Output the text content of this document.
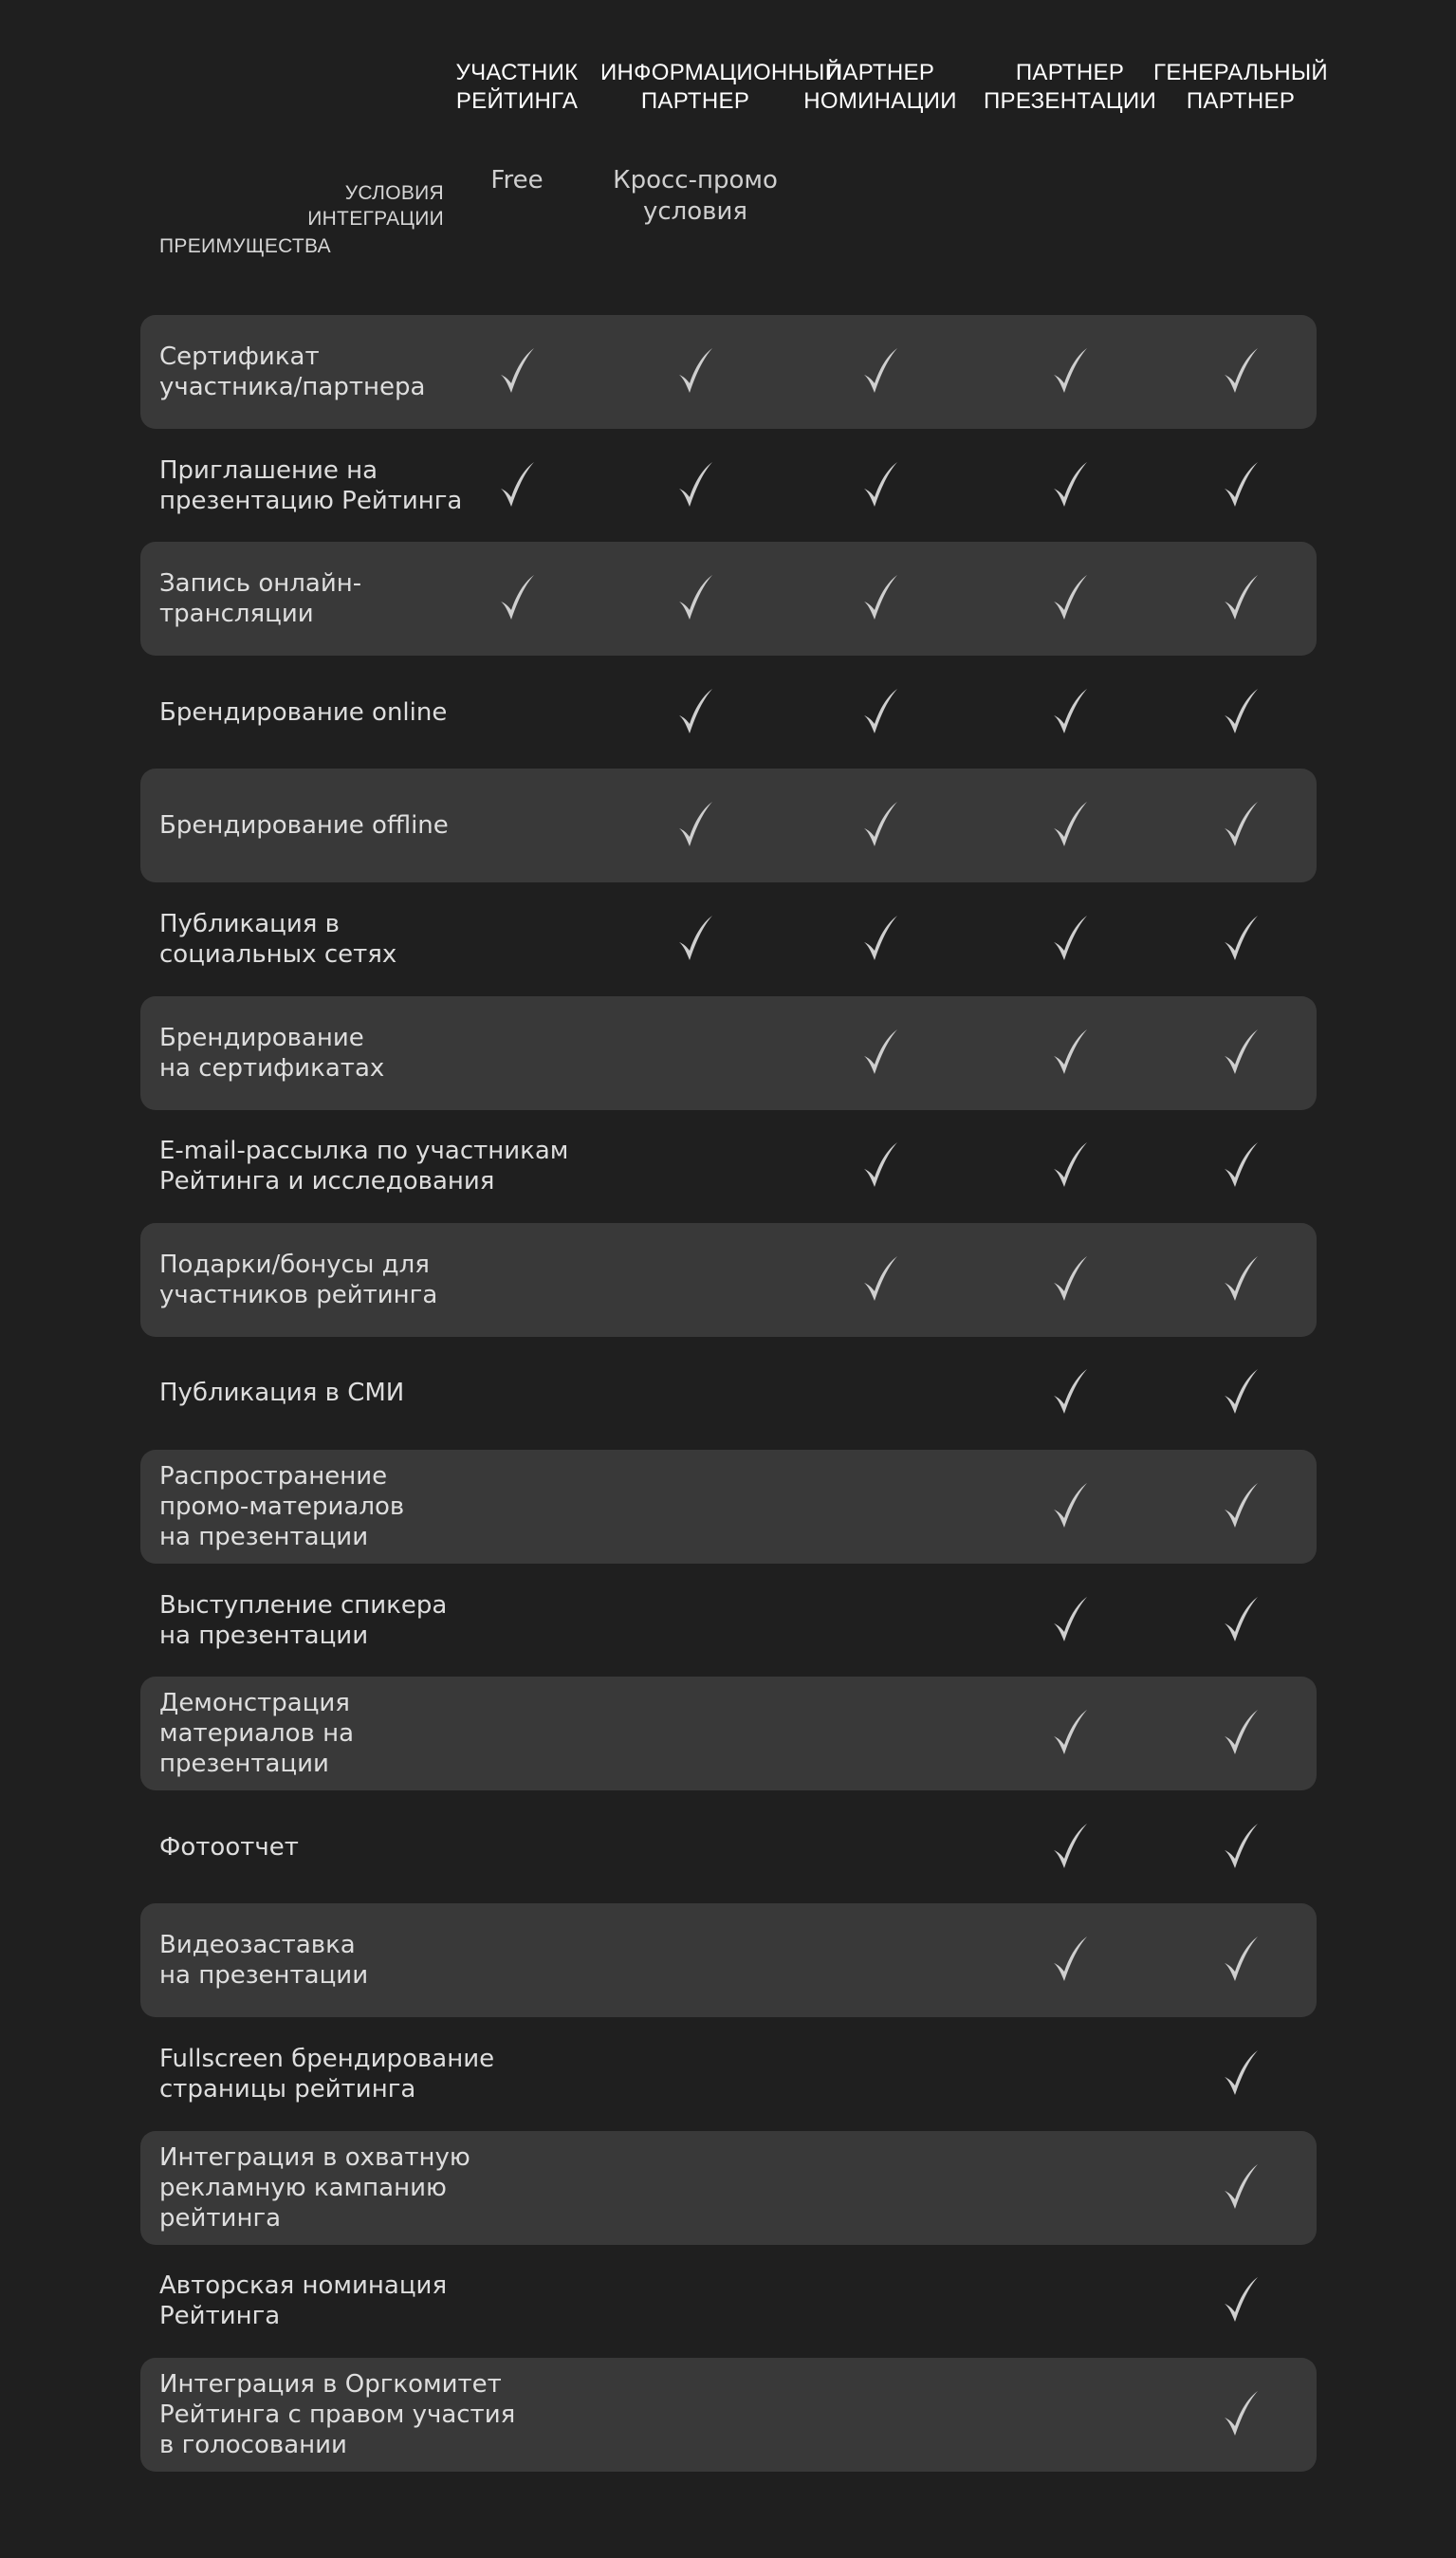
УСЛОВИЯ
ИНТЕГРАЦИИ
ПРЕИМУЩЕСТВА
УЧАСТНИК
РЕЙТИНГА
Free
ИНФОРМАЦИОННЫЙ
ПАРТНЕР
Кросс-промо
условия
ПАРТНЕР
НОМИНАЦИИ
ПАРТНЕР
ПРЕЗЕНТАЦИИ
ГЕНЕРАЛЬНЫЙ
ПАРТНЕР
Сертификат
участника/партнера
Приглашение на
презентацию Рейтинга
Запись онлайн-
трансляции
Брендирование online
Брендирование offline
Публикация в
социальных сетях
Брендирование
на сертификатах
E-mail-рассылка по участникам
Рейтинга и исследования
Подарки/бонусы для
участников рейтинга
Публикация в СМИ
Распространение
промо-материалов
на презентации
Выступление спикера
на презентации
Демонстрация
материалов на
презентации
Фотоотчет
Видеозаставка
на презентации
Fullscreen брендирование
страницы рейтинга
Интеграция в охватную
рекламную кампанию
рейтинга
Авторская номинация
Рейтинга
Интеграция в Оргкомитет
Рейтинга с правом участия
в голосовании
